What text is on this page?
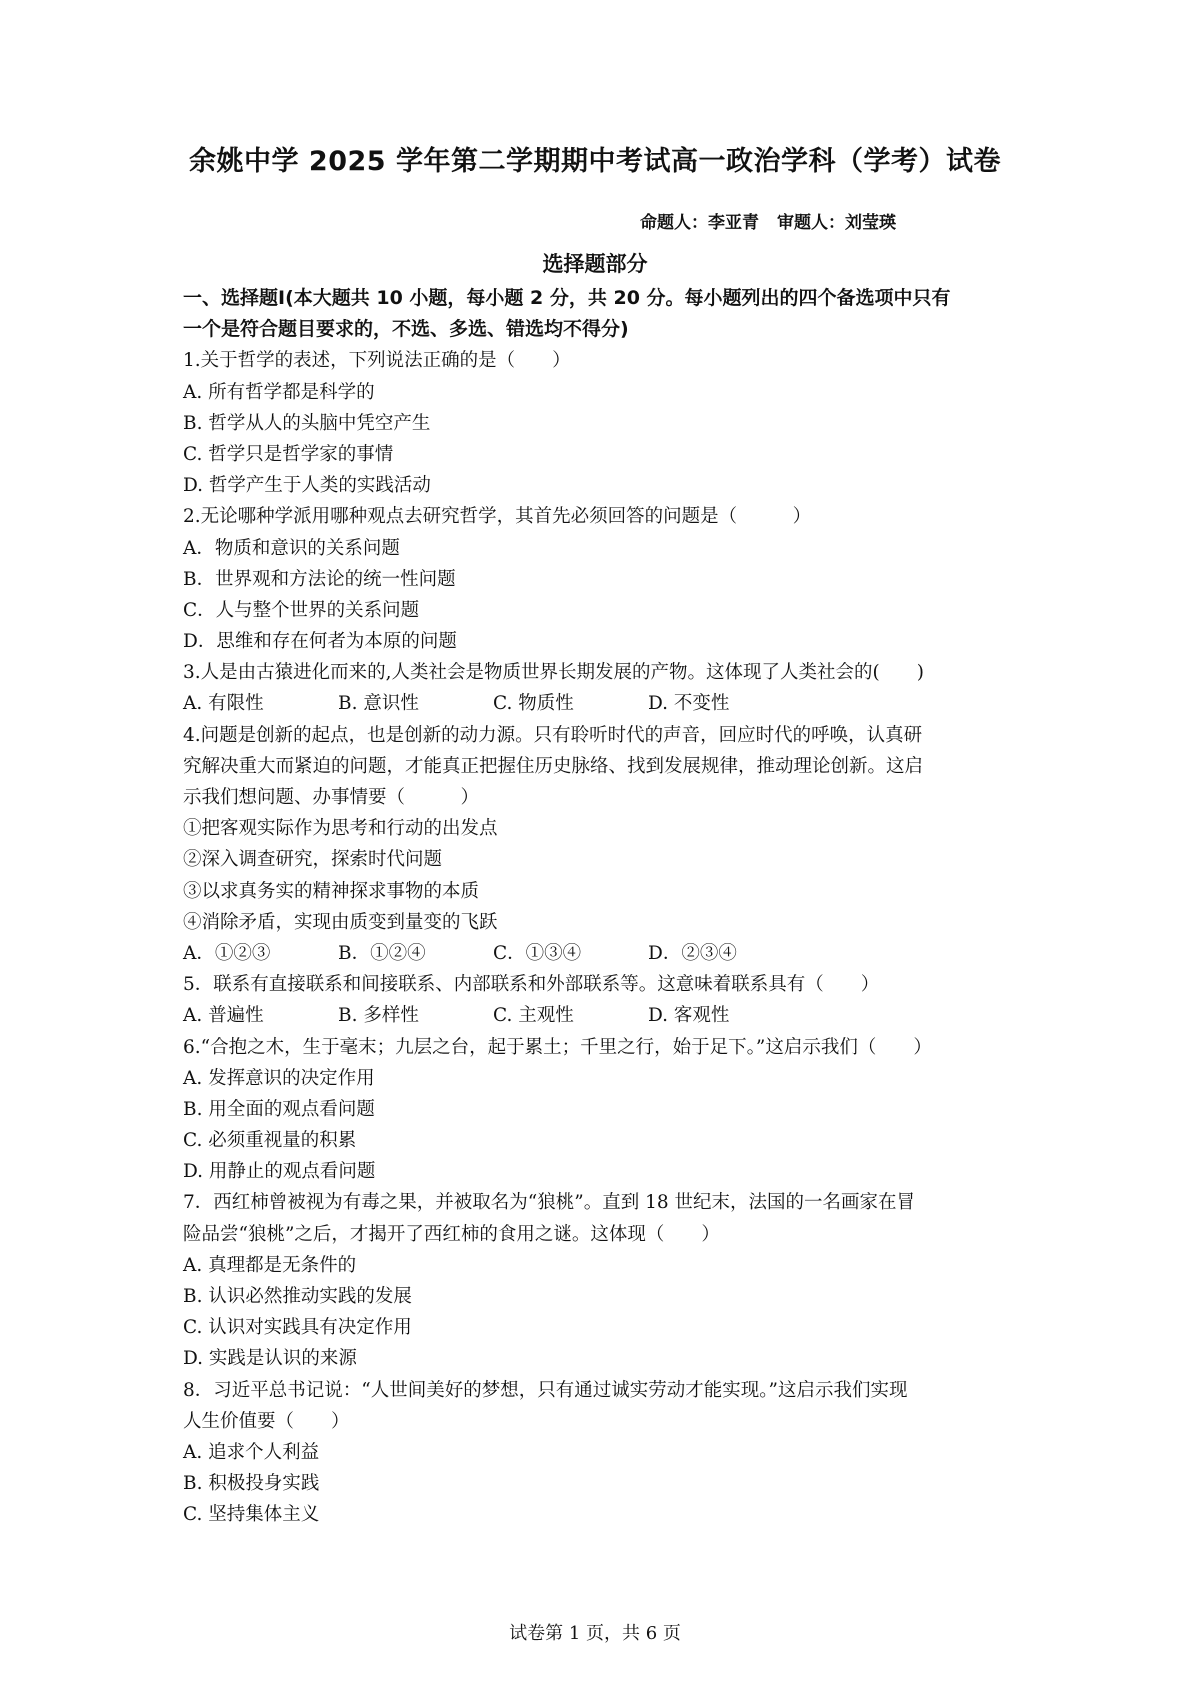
余姚中学 2025 学年第二学期期中考试高一政治学科（学考）试卷
命题人：李亚青 审题人：刘莹瑛
选择题部分
一、选择题Ⅰ(本大题共 10 小题，每小题 2 分，共 20 分。每小题列出的四个备选项中只有
一个是符合题目要求的，不选、多选、错选均不得分)
1.关于哲学的表述，下列说法正确的是（　　）
A. 所有哲学都是科学的
B. 哲学从人的头脑中凭空产生
C. 哲学只是哲学家的事情
D. 哲学产生于人类的实践活动
2.无论哪种学派用哪种观点去研究哲学，其首先必须回答的问题是（　　　）
A．物质和意识的关系问题
B．世界观和方法论的统一性问题
C．人与整个世界的关系问题
D．思维和存在何者为本原的问题
3.人是由古猿进化而来的,人类社会是物质世界长期发展的产物。这体现了人类社会的(　　)
A. 有限性	B. 意识性	C. 物质性	D. 不变性
4.问题是创新的起点，也是创新的动力源。只有聆听时代的声音，回应时代的呼唤，认真研
究解决重大而紧迫的问题，才能真正把握住历史脉络、找到发展规律，推动理论创新。这启
示我们想问题、办事情要（　　　）
①把客观实际作为思考和行动的出发点
②深入调查研究，探索时代问题
③以求真务实的精神探求事物的本质
④消除矛盾，实现由质变到量变的飞跃
A．①②③	B．①②④	C．①③④	D．②③④
5．联系有直接联系和间接联系、内部联系和外部联系等。这意味着联系具有（　　）
A. 普遍性	B. 多样性	C. 主观性	D. 客观性
6.“合抱之木，生于毫末；九层之台，起于累土；千里之行，始于足下。”这启示我们（　　）
A. 发挥意识的决定作用
B. 用全面的观点看问题
C. 必须重视量的积累
D. 用静止的观点看问题
7．西红柿曾被视为有毒之果，并被取名为“狼桃”。直到 18 世纪末，法国的一名画家在冒
险品尝“狼桃”之后，才揭开了西红柿的食用之谜。这体现（　　）
A. 真理都是无条件的
B. 认识必然推动实践的发展
C. 认识对实践具有决定作用
D. 实践是认识的来源
8．习近平总书记说：“人世间美好的梦想，只有通过诚实劳动才能实现。”这启示我们实现
人生价值要（　　）
A. 追求个人利益
B. 积极投身实践
C. 坚持集体主义
试卷第 1 页，共 6 页
